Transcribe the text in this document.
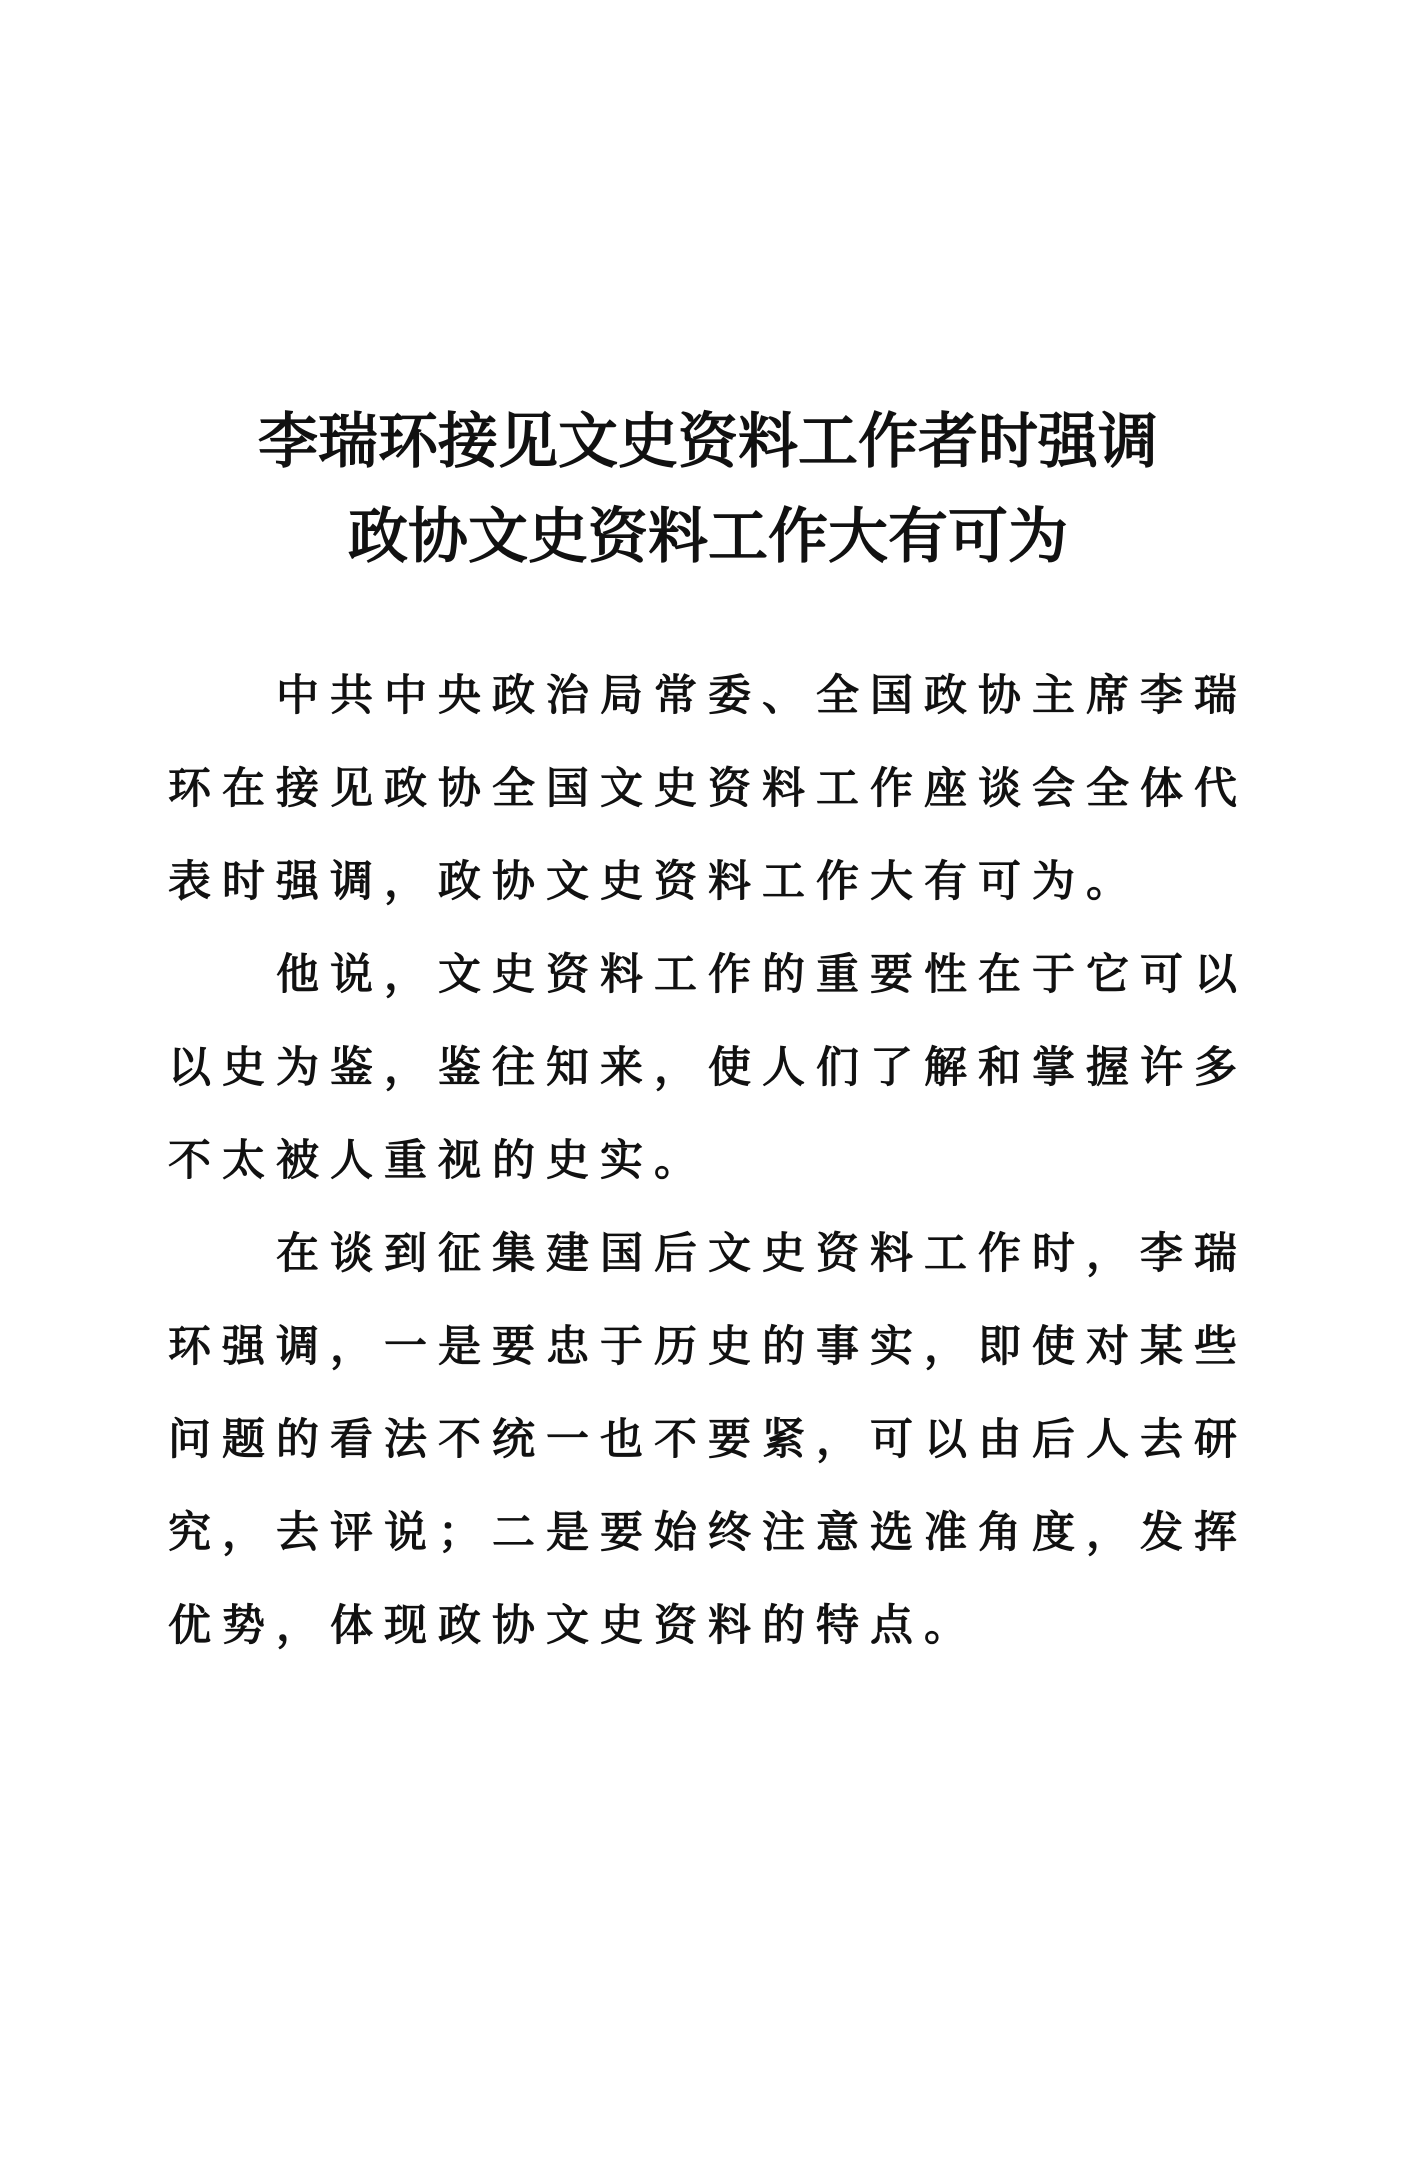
李瑞环接见文史资料工作者时强调
政协文史资料工作大有可为

中共中央政治局常委、全国政协主席李瑞环在接见政协全国文史资料工作座谈会全体代表时强调，政协文史资料工作大有可为。

他说，文史资料工作的重要性在于它可以以史为鉴，鉴往知来，使人们了解和掌握许多不太被人重视的史实。

在谈到征集建国后文史资料工作时，李瑞环强调，一是要忠于历史的事实，即使对某些问题的看法不统一也不要紧，可以由后人去研究，去评说；二是要始终注意选准角度，发挥优势，体现政协文史资料的特点。
